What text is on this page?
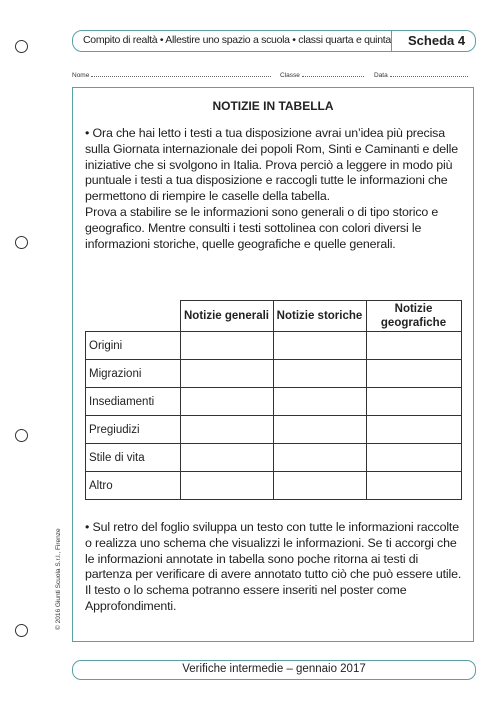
Compito di realtà • Allestire uno spazio a scuola • classi quarta e quinta Scheda 4
Nome	Classe	Data
NOTIZIE IN TABELLA

• Ora che hai letto i testi a tua disposizione avrai un’idea più precisa sulla Giornata internazionale dei popoli Rom, Sinti e Caminanti e delle iniziative che si svolgono in Italia. Prova perciò a leggere in modo più puntuale i testi a tua disposizione e raccogli tutte le informazioni che permettono di riempire le caselle della tabella.

Prova a stabilire se le informazioni sono generali o di tipo storico e geografico. Mentre consulti i testi sottolinea con colori diversi le informazioni storiche, quelle geografiche e quelle generali.

	Notizie generali	Notizie storiche	Notizie geografiche
Origini			
Migrazioni			
Insediamenti			
Pregiudizi			
Stile di vita			
Altro			

• Sul retro del foglio sviluppa un testo con tutte le informazioni raccolte o realizza uno schema che visualizzi le informazioni. Se ti accorgi che le informazioni annotate in tabella sono poche ritorna ai testi di partenza per verificare di avere annotato tutto ciò che può essere utile. Il testo o lo schema potranno essere inseriti nel poster come Approfondimenti.

© 2016 Giunti Scuola S.r.l., Firenze
Verifiche intermedie – gennaio 2017
